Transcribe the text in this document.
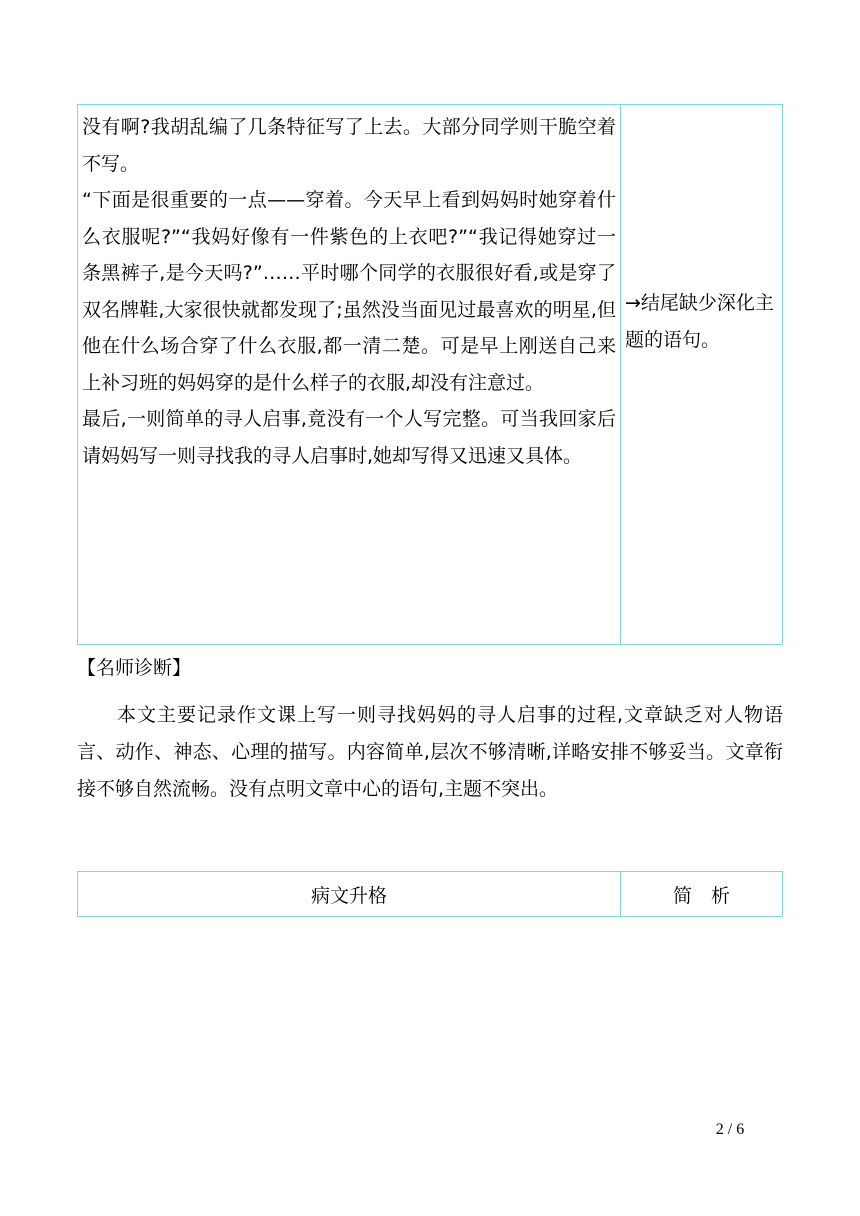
没有啊?我胡乱编了几条特征写了上去。大部分同学则干脆空着不写。

“下面是很重要的一点——穿着。今天早上看到妈妈时她穿着什么衣服呢?”“我妈好像有一件紫色的上衣吧?”“我记得她穿过一条黑裤子,是今天吗?”……平时哪个同学的衣服很好看,或是穿了双名牌鞋,大家很快就都发现了;虽然没当面见过最喜欢的明星,但他在什么场合穿了什么衣服,都一清二楚。可是早上刚送自己来上补习班的妈妈穿的是什么样子的衣服,却没有注意过。

最后,一则简单的寻人启事,竟没有一个人写完整。可当我回家后请妈妈写一则寻找我的寻人启事时,她却写得又迅速又具体。

→结尾缺少深化主题的语句。

【名师诊断】

本文主要记录作文课上写一则寻找妈妈的寻人启事的过程,文章缺乏对人物语言、动作、神态、心理的描写。内容简单,层次不够清晰,详略安排不够妥当。文章衔接不够自然流畅。没有点明文章中心的语句,主题不突出。

病文升格	简　析
2 / 6
